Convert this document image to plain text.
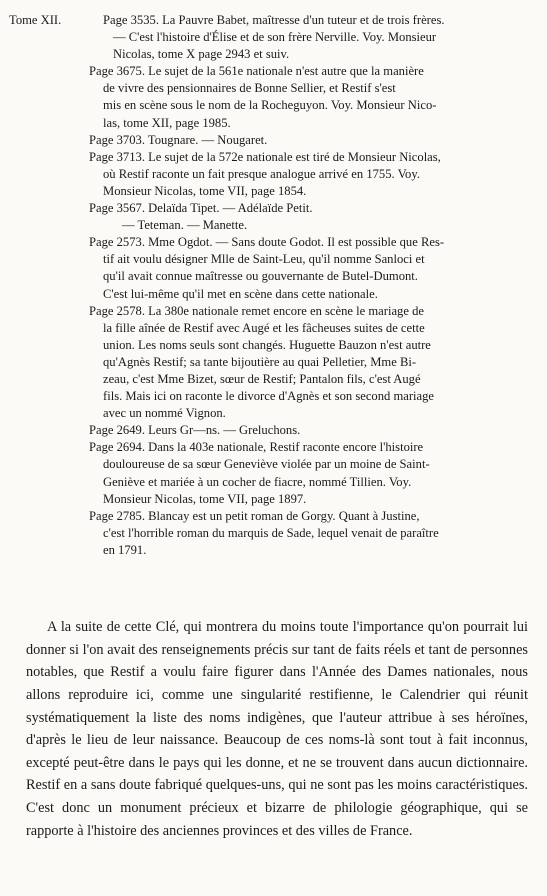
Tome XII.	Page 3535. La Pauvre Babet, maîtresse d'un tuteur et de trois frères.
— C'est l'histoire d'Élise et de son frère Nerville. Voy. Monsieur
Nicolas, tome X page 2943 et suiv.
Page 3675. Le sujet de la 561e nationale n'est autre que la manière
de vivre des pensionnaires de Bonne Sellier, et Restif s'est
mis en scène sous le nom de la Rocheguyon. Voy. Monsieur Nico-
las, tome XII, page 1985.
Page 3703. Tougnare. — Nougaret.
Page 3713. Le sujet de la 572e nationale est tiré de Monsieur Nicolas,
où Restif raconte un fait presque analogue arrivé en 1755. Voy.
Monsieur Nicolas, tome VII, page 1854.
Page 3567. Delaïda Tipet. — Adélaïde Petit.
— Teteman. — Manette.
Page 2573. Mme Ogdot. — Sans doute Godot. Il est possible que Res-
tif ait voulu désigner Mlle de Saint-Leu, qu'il nomme Sanloci et
qu'il avait connue maîtresse ou gouvernante de Butel-Dumont.
C'est lui-même qu'il met en scène dans cette nationale.
Page 2578. La 380e nationale remet encore en scène le mariage de
la fille aînée de Restif avec Augé et les fâcheuses suites de cette
union. Les noms seuls sont changés. Huguette Bauzon n'est autre
qu'Agnès Restif; sa tante bijoutière au quai Pelletier, Mme Bi-
zeau, c'est Mme Bizet, sœur de Restif; Pantalon fils, c'est Augé
fils. Mais ici on raconte le divorce d'Agnès et son second mariage
avec un nommé Vignon.
Page 2649. Leurs Gr—ns. — Greluchons.
Page 2694. Dans la 403e nationale, Restif raconte encore l'histoire
douloureuse de sa sœur Geneviève violée par un moine de Saint-
Geniève et mariée à un cocher de fiacre, nommé Tillien. Voy.
Monsieur Nicolas, tome VII, page 1897.
Page 2785. Blancay est un petit roman de Gorgy. Quant à Justine,
c'est l'horrible roman du marquis de Sade, lequel venait de paraître
en 1791.

A la suite de cette Clé, qui montrera du moins toute l'importance qu'on pourrait lui donner si l'on avait des renseignements précis sur tant de faits réels et tant de personnes notables, que Restif a voulu faire figurer dans l'Année des Dames nationales, nous allons reproduire ici, comme une singularité restifienne, le Calendrier qui réunit systématiquement la liste des noms indigènes, que l'auteur attribue à ses héroïnes, d'après le lieu de leur naissance. Beaucoup de ces noms-là sont tout à fait inconnus, excepté peut-être dans le pays qui les donne, et ne se trouvent dans aucun dictionnaire. Restif en a sans doute fabriqué quelques-uns, qui ne sont pas les moins caractéristiques. C'est donc un monument précieux et bizarre de philologie géographique, qui se rapporte à l'histoire des anciennes provinces et des villes de France.
